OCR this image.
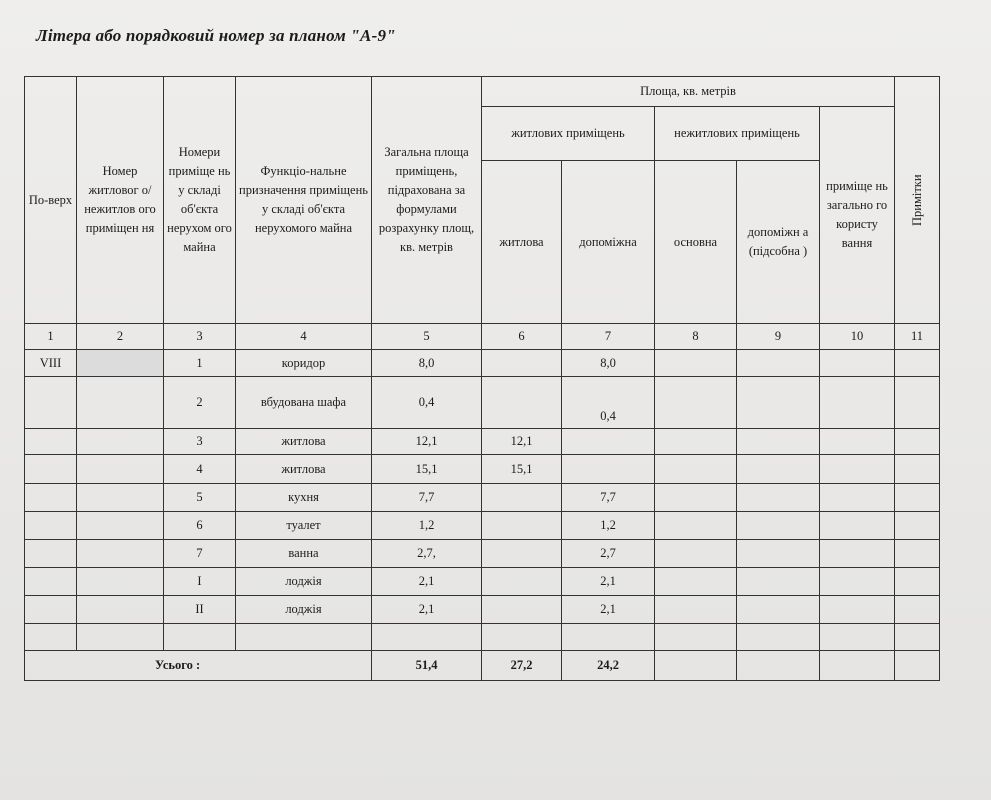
Літера або порядковий номер за планом "А-9"
По-верх	Номер житловог о/ нежитлов ого приміщен ня	Номери приміще нь у складі об'єкта нерухом ого майна	Функціо-нальне призначення приміщень у складі об'єкта нерухомого майна	Загальна площа приміщень, підрахована за формулами розрахунку площ, кв. метрів	Площа, кв. метрів					Примітки
					житлових приміщень		нежитлових приміщень		приміще нь загально го користу вання	
					житлова	допоміжна	основна	допоміжн а (підсобна )		
1	2	3	4	5	6	7	8	9	10	11
VIII		1	коридор	8,0		8,0				
		2	вбудована шафа	0,4		0,4				
		3	житлова	12,1	12,1					
		4	житлова	15,1	15,1					
		5	кухня	7,7		7,7				
		6	туалет	1,2		1,2				
		7	ванна	2,7,		2,7				
		I	лоджія	2,1		2,1				
		II	лоджія	2,1		2,1				

Усього :				51,4	27,2	24,2				
